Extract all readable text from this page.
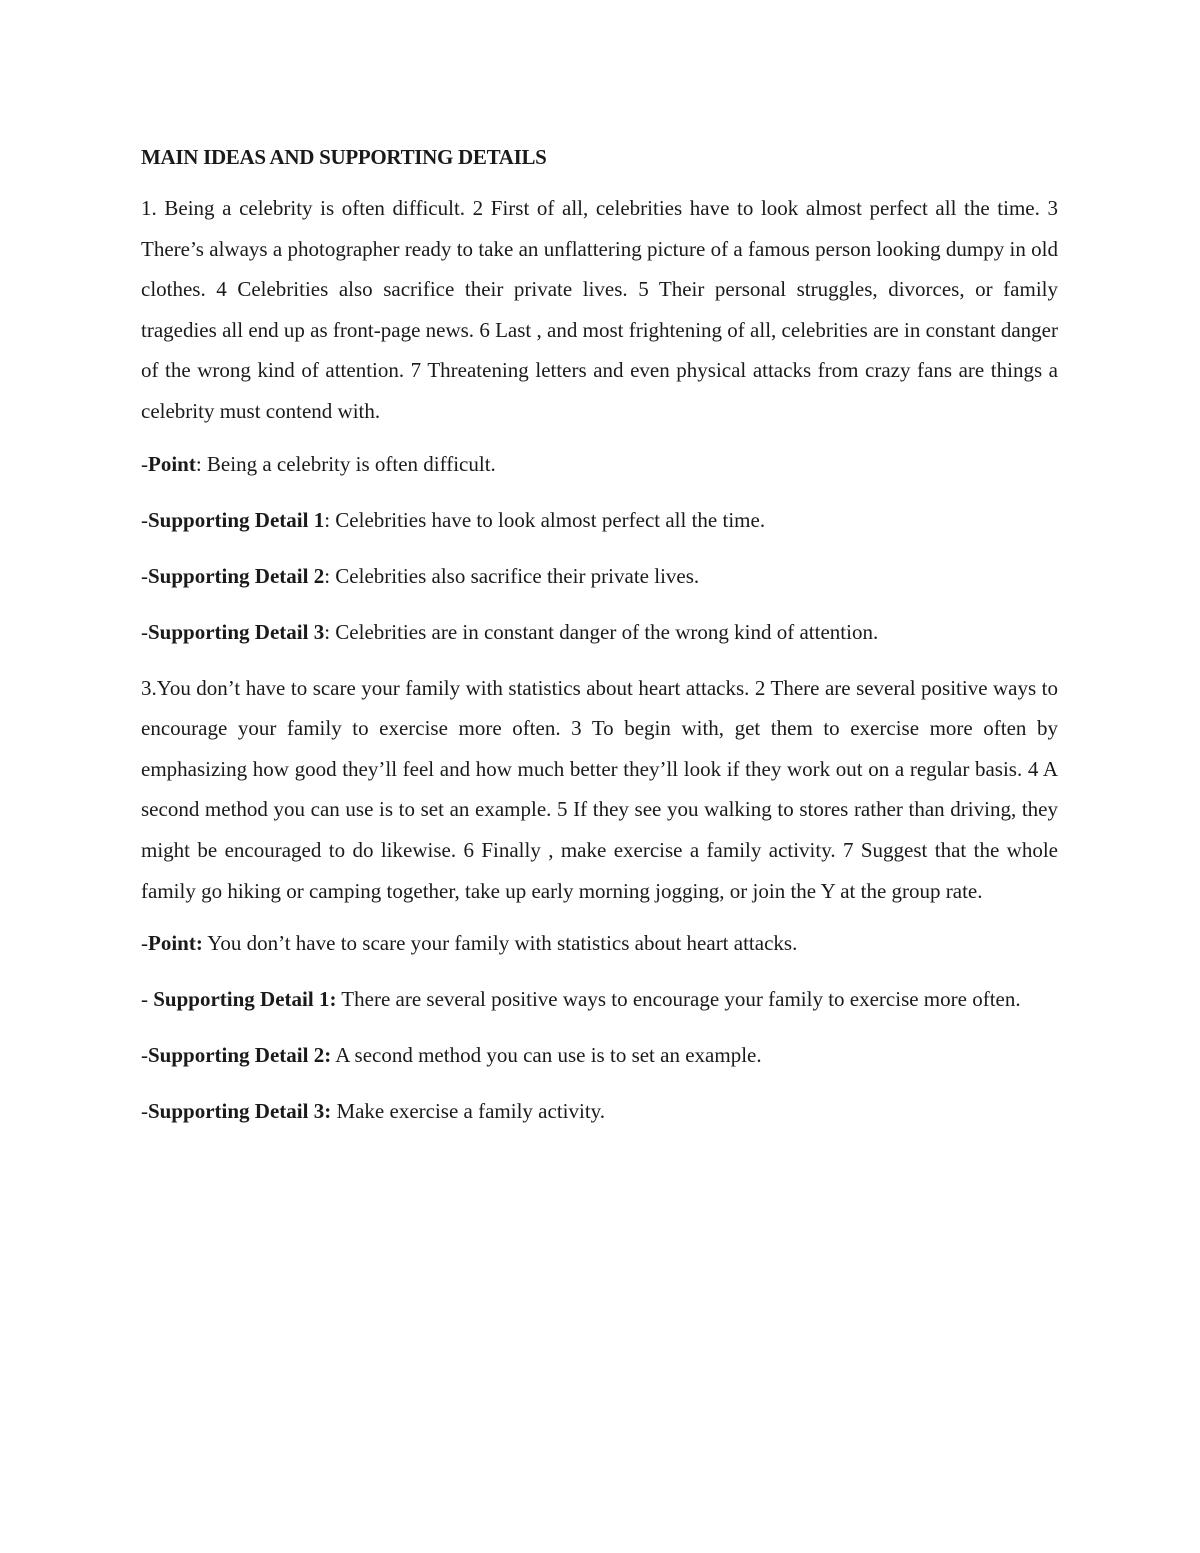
MAIN IDEAS AND SUPPORTING DETAILS

1. Being a celebrity is often difficult. 2 First of all, celebrities have to look almost perfect all the time. 3 There’s always a photographer ready to take an unflattering picture of a famous person looking dumpy in old clothes. 4 Celebrities also sacrifice their private lives. 5 Their personal struggles, divorces, or family tragedies all end up as front-page news. 6 Last , and most frightening of all, celebrities are in constant danger of the wrong kind of attention. 7 Threatening letters and even physical attacks from crazy fans are things a celebrity must contend with.

-Point: Being a celebrity is often difficult.

-Supporting Detail 1: Celebrities have to look almost perfect all the time.

-Supporting Detail 2: Celebrities also sacrifice their private lives.

-Supporting Detail 3: Celebrities are in constant danger of the wrong kind of attention.

3.You don’t have to scare your family with statistics about heart attacks. 2 There are several positive ways to encourage your family to exercise more often. 3 To begin with, get them to exercise more often by emphasizing how good they’ll feel and how much better they’ll look if they work out on a regular basis. 4 A second method you can use is to set an example. 5 If they see you walking to stores rather than driving, they might be encouraged to do likewise. 6 Finally , make exercise a family activity. 7 Suggest that the whole family go hiking or camping together, take up early morning jogging, or join the Y at the group rate.

-Point: You don’t have to scare your family with statistics about heart attacks.

- Supporting Detail 1: There are several positive ways to encourage your family to exercise more often.

-Supporting Detail 2: A second method you can use is to set an example.

-Supporting Detail 3: Make exercise a family activity.
